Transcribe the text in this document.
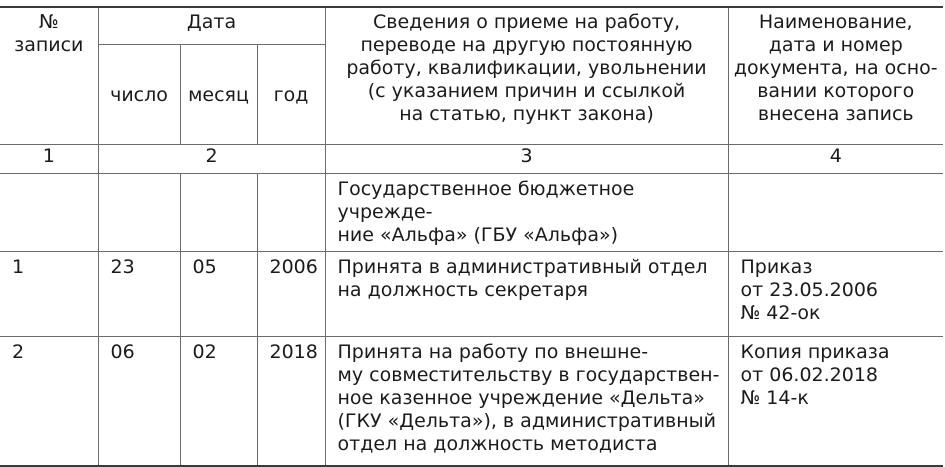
№
записи	Дата			Сведения о приеме на работу,
переводе на другую постоянную
работу, квалификации, увольнении
(с указанием причин и ссылкой
на статью, пункт закона)	Наименование,
дата и номер
документа, на осно-
вании которого
внесена запись
	число	месяц	год		
1	2			3	4
				Государственное бюджетное учрежде-
ние «Альфа» (ГБУ «Альфа»)	
1	23	05	2006	Принята в административный отдел
на должность секретаря	Приказ
от 23.05.2006
№ 42-ок
2	06	02	2018	Принята на работу по внешне-
му совместительству в государствен-
ное казенное учреждение «Дельта»
(ГКУ «Дельта»), в административный
отдел на должность методиста	Копия приказа
от 06.02.2018
№ 14-к
